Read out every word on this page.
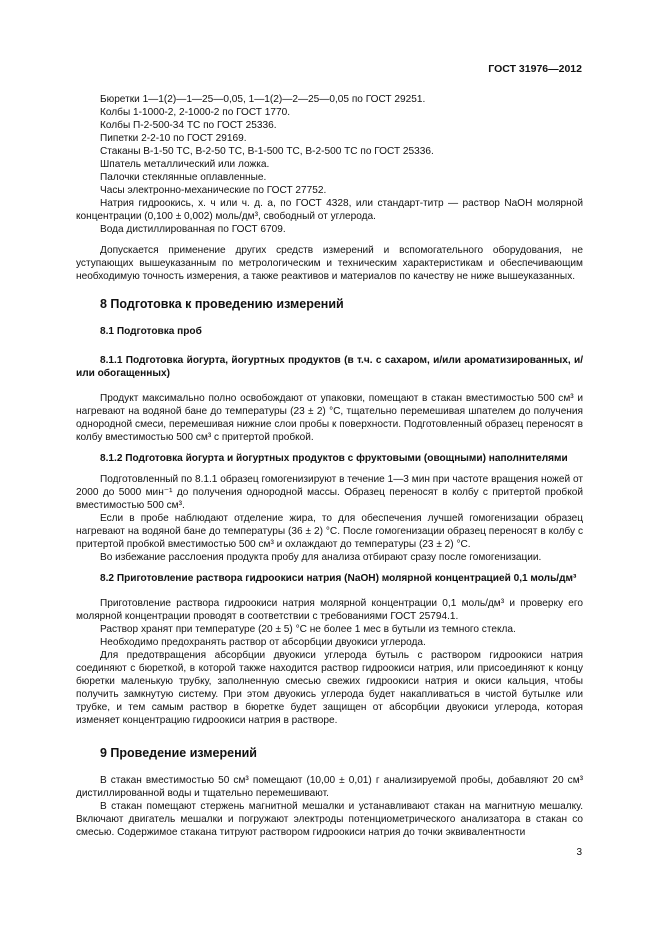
ГОСТ 31976—2012

Бюретки 1—1(2)—1—25—0,05, 1—1(2)—2—25—0,05 по ГОСТ 29251.

Колбы 1-1000-2, 2-1000-2 по ГОСТ 1770.

Колбы П-2-500-34 ТС по ГОСТ 25336.

Пипетки 2-2-10 по ГОСТ 29169.

Стаканы В-1-50 ТС, В-2-50 ТС, В-1-500 ТС, В-2-500 ТС по ГОСТ 25336.

Шпатель металлический или ложка.

Палочки стеклянные оплавленные.

Часы электронно-механические по ГОСТ 27752.

Натрия гидроокись, х. ч или ч. д. а, по ГОСТ 4328, или стандарт-титр — раствор NaOH молярной концентрации (0,100 ± 0,002) моль/дм³, свободный от углерода.

Вода дистиллированная по ГОСТ 6709.

Допускается применение других средств измерений и вспомогательного оборудования, не уступающих вышеуказанным по метрологическим и техническим характеристикам и обеспечивающим необходимую точность измерения, а также реактивов и материалов по качеству не ниже вышеуказанных.

8 Подготовка к проведению измерений

8.1 Подготовка проб

8.1.1 Подготовка йогурта, йогуртных продуктов (в т.ч. с сахаром, и/или ароматизированных, и/или обогащенных)

Продукт максимально полно освобождают от упаковки, помещают в стакан вместимостью 500 см³ и нагревают на водяной бане до температуры (23 ± 2) °С, тщательно перемешивая шпателем до получения однородной смеси, перемешивая нижние слои пробы к поверхности. Подготовленный образец переносят в колбу вместимостью 500 см³ с притертой пробкой.

8.1.2 Подготовка йогурта и йогуртных продуктов с фруктовыми (овощными) наполнителями

Подготовленный по 8.1.1 образец гомогенизируют в течение 1—3 мин при частоте вращения ножей от 2000 до 5000 мин⁻¹ до получения однородной массы. Образец переносят в колбу с притертой пробкой вместимостью 500 см³.

Если в пробе наблюдают отделение жира, то для обеспечения лучшей гомогенизации образец нагревают на водяной бане до температуры (36 ± 2) °С. После гомогенизации образец переносят в колбу с притертой пробкой вместимостью 500 см³ и охлаждают до температуры (23 ± 2) °С.

Во избежание расслоения продукта пробу для анализа отбирают сразу после гомогенизации.

8.2 Приготовление раствора гидроокиси натрия (NaOH) молярной концентрацией 0,1 моль/дм³

Приготовление раствора гидроокиси натрия молярной концентрации 0,1 моль/дм³ и проверку его молярной концентрации проводят в соответствии с требованиями ГОСТ 25794.1.

Раствор хранят при температуре (20 ± 5) °С не более 1 мес в бутыли из темного стекла.

Необходимо предохранять раствор от абсорбции двуокиси углерода.

Для предотвращения абсорбции двуокиси углерода бутыль с раствором гидроокиси натрия соединяют с бюреткой, в которой также находится раствор гидроокиси натрия, или присоединяют к концу бюретки маленькую трубку, заполненную смесью свежих гидроокиси натрия и окиси кальция, чтобы получить замкнутую систему. При этом двуокись углерода будет накапливаться в чистой бутылке или трубке, и тем самым раствор в бюретке будет защищен от абсорбции двуокиси углерода, которая изменяет концентрацию гидроокиси натрия в растворе.

9 Проведение измерений

В стакан вместимостью 50 см³ помещают (10,00 ± 0,01) г анализируемой пробы, добавляют 20 см³ дистиллированной воды и тщательно перемешивают.

В стакан помещают стержень магнитной мешалки и устанавливают стакан на магнитную мешалку. Включают двигатель мешалки и погружают электроды потенциометрического анализатора в стакан со смесью. Содержимое стакана титруют раствором гидроокиси натрия до точки эквивалентности

3
